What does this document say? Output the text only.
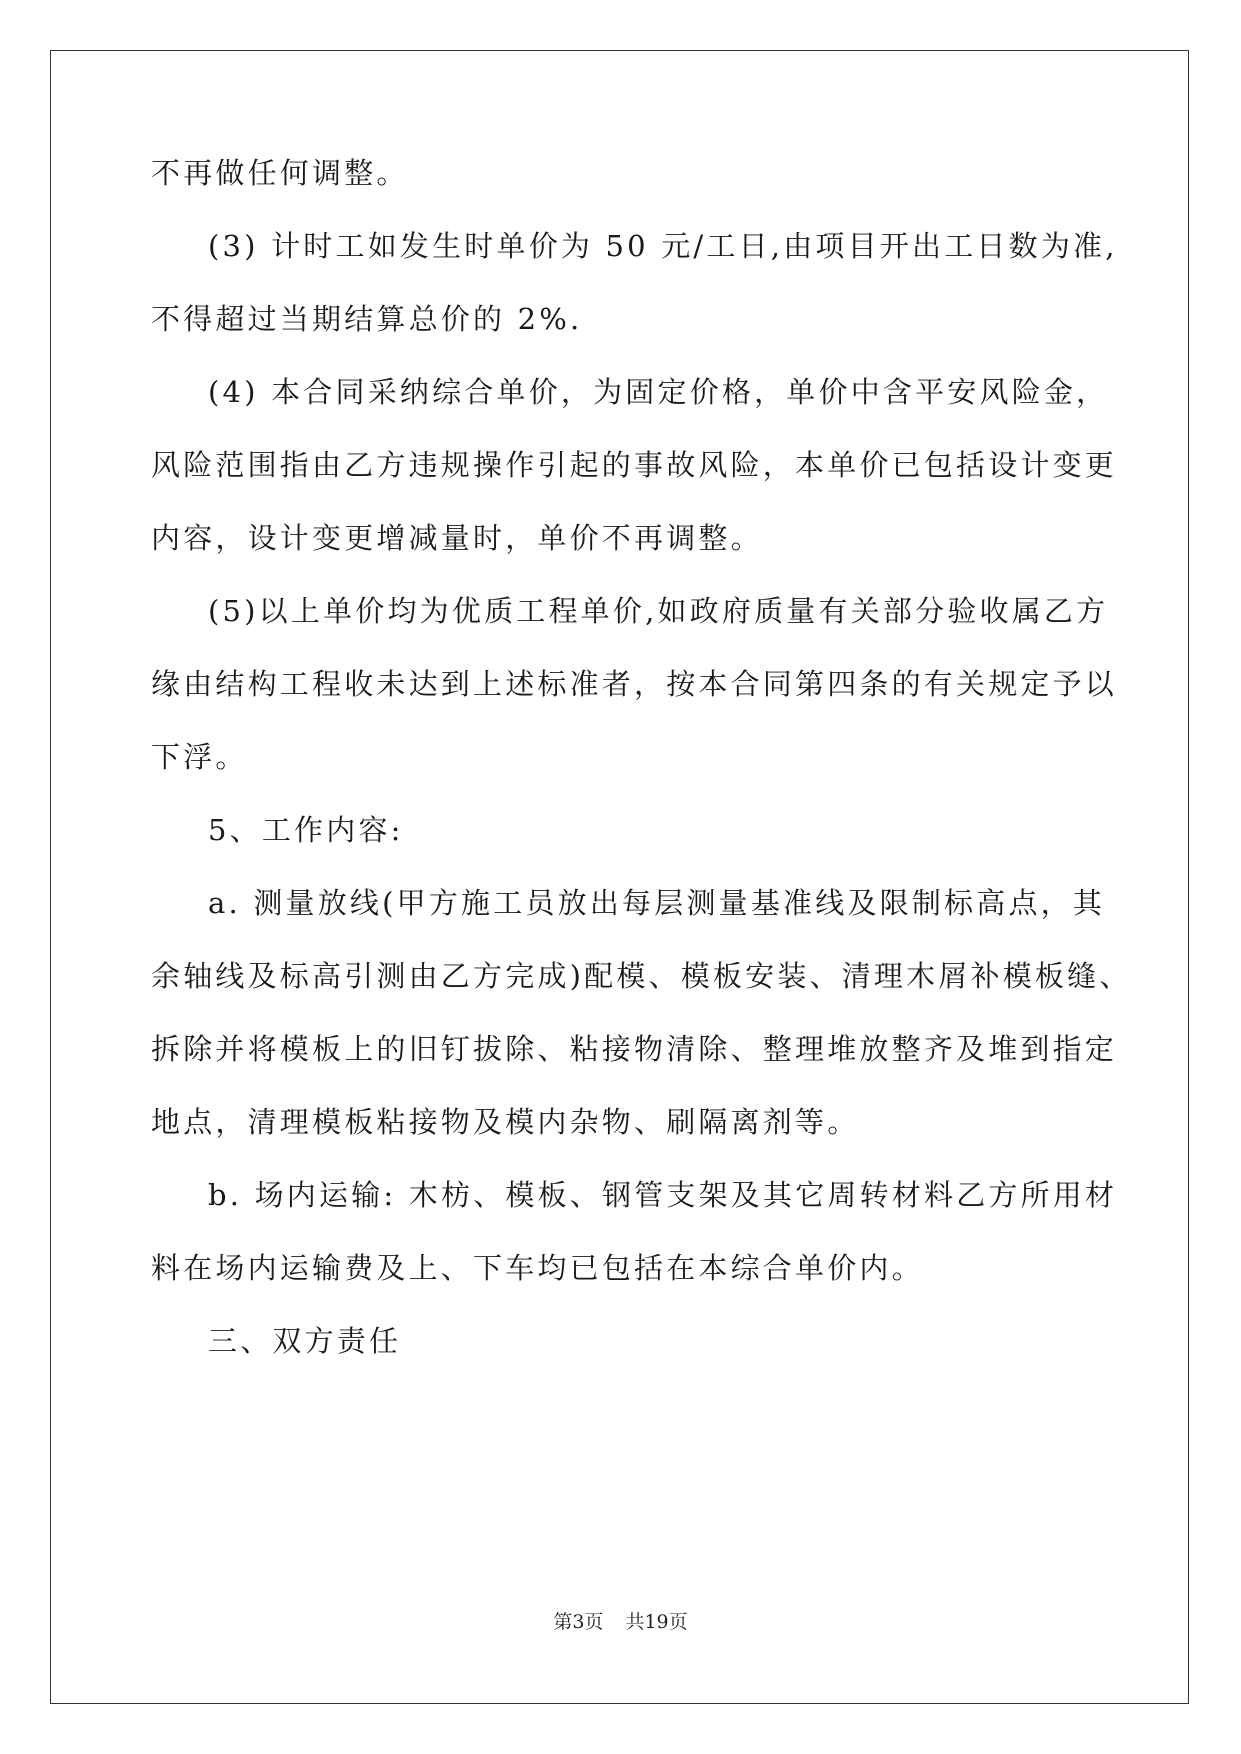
不再做任何调整。
(3) 计时工如发生时单价为 50 元/工日,由项目开出工日数为准,
不得超过当期结算总价的 2%.
(4) 本合同采纳综合单价，为固定价格，单价中含平安风险金，
风险范围指由乙方违规操作引起的事故风险，本单价已包括设计变更
内容，设计变更增减量时，单价不再调整。
(5)以上单价均为优质工程单价,如政府质量有关部分验收属乙方
缘由结构工程收未达到上述标准者，按本合同第四条的有关规定予以
下浮。
5、工作内容:
a. 测量放线(甲方施工员放出每层测量基准线及限制标高点，其
余轴线及标高引测由乙方完成)配模、模板安装、清理木屑补模板缝、
拆除并将模板上的旧钉拔除、粘接物清除、整理堆放整齐及堆到指定
地点，清理模板粘接物及模内杂物、刷隔离剂等。
b. 场内运输: 木枋、模板、钢管支架及其它周转材料乙方所用材
料在场内运输费及上、下车均已包括在本综合单价内。
三、双方责任
第3页 共19页
